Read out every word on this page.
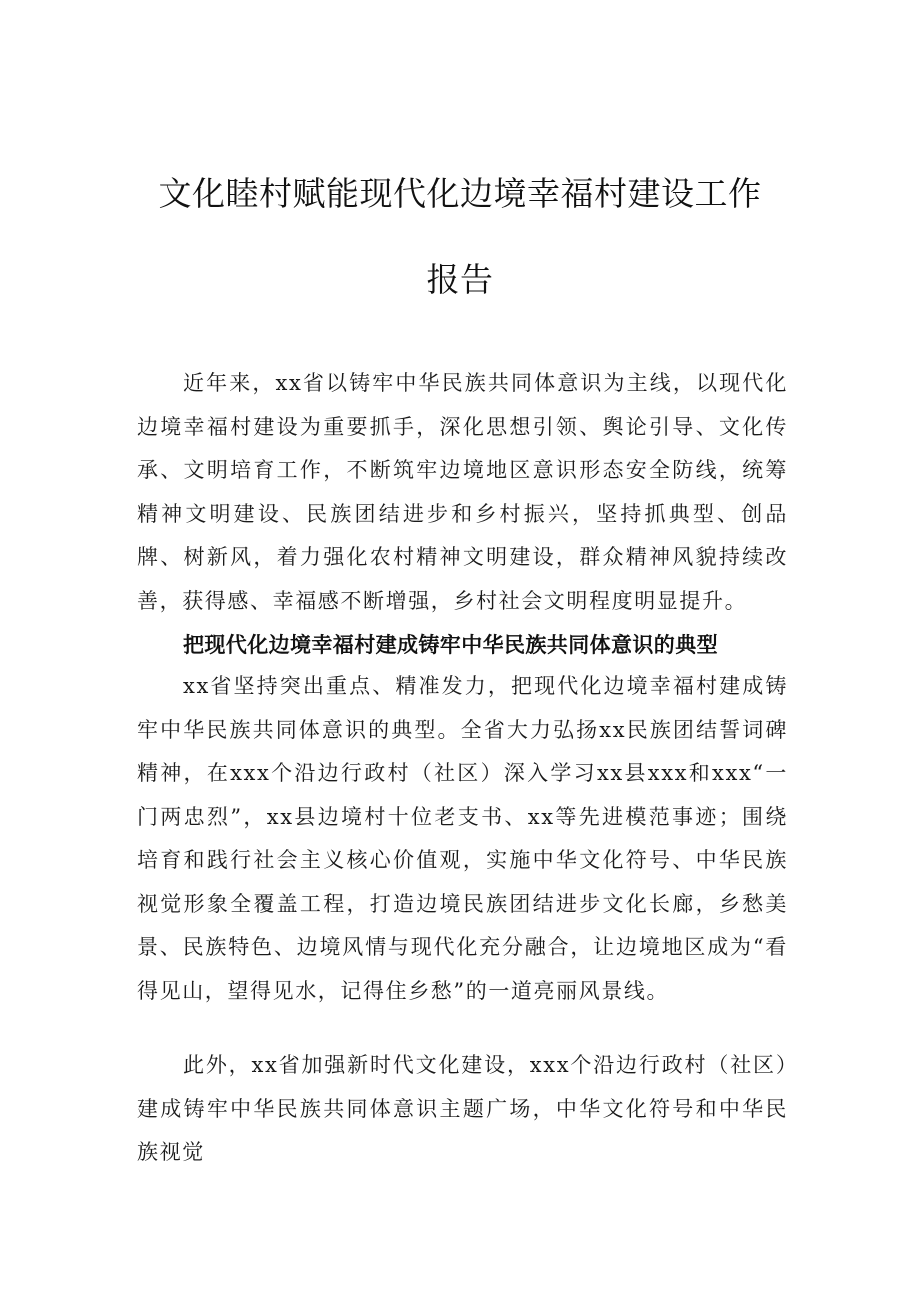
文化睦村赋能现代化边境幸福村建设工作
报告

近年来，xx省以铸牢中华民族共同体意识为主线，以现代化边境幸福村建设为重要抓手，深化思想引领、舆论引导、文化传承、文明培育工作，不断筑牢边境地区意识形态安全防线，统筹精神文明建设、民族团结进步和乡村振兴，坚持抓典型、创品牌、树新风，着力强化农村精神文明建设，群众精神风貌持续改善，获得感、幸福感不断增强，乡村社会文明程度明显提升。

把现代化边境幸福村建成铸牢中华民族共同体意识的典型

xx省坚持突出重点、精准发力，把现代化边境幸福村建成铸牢中华民族共同体意识的典型。全省大力弘扬xx民族团结誓词碑精神，在xxx个沿边行政村（社区）深入学习xx县xxx和xxx“一门两忠烈”，xx县边境村十位老支书、xx等先进模范事迹；围绕培育和践行社会主义核心价值观，实施中华文化符号、中华民族视觉形象全覆盖工程，打造边境民族团结进步文化长廊，乡愁美景、民族特色、边境风情与现代化充分融合，让边境地区成为“看得见山，望得见水，记得住乡愁”的一道亮丽风景线。

此外，xx省加强新时代文化建设，xxx个沿边行政村（社区）建成铸牢中华民族共同体意识主题广场，中华文化符号和中华民族视觉
